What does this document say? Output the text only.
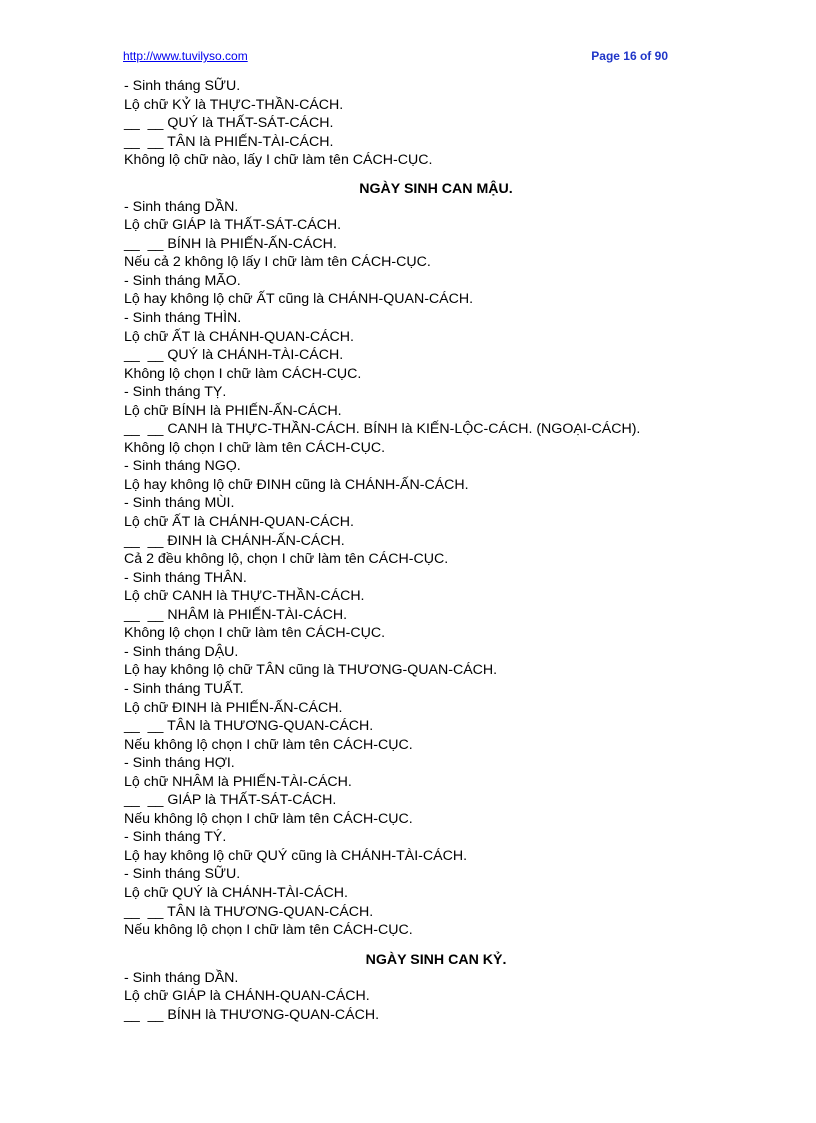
http://www.tuvilyso.com	Page 16 of 90
- Sinh tháng SỮU.
Lộ chữ KỶ là THỰC-THẦN-CÁCH.
__  __ QUÝ là THẤT-SÁT-CÁCH.
__  __ TÂN là PHIẾN-TÀI-CÁCH.
Không lộ chữ nào, lấy I chữ làm tên CÁCH-CỤC.
NGÀY SINH CAN MẬU.
- Sinh tháng DẦN.
Lộ chữ GIÁP là THẤT-SÁT-CÁCH.
__  __ BÍNH là PHIẾN-ẤN-CÁCH.
Nếu cả 2 không lộ lấy I chữ làm tên CÁCH-CỤC.
- Sinh tháng MÃO.
Lộ hay không lộ chữ ẤT cũng là CHÁNH-QUAN-CÁCH.
- Sinh tháng THÌN.
Lộ chữ ẤT là CHÁNH-QUAN-CÁCH.
__  __ QUÝ là CHÁNH-TÀI-CÁCH.
Không lộ chọn I chữ làm CÁCH-CỤC.
- Sinh tháng TỴ.
Lộ chữ BÍNH là PHIẾN-ẤN-CÁCH.
__  __ CANH là THỰC-THẦN-CÁCH. BÍNH là KIẾN-LỘC-CÁCH. (NGOẠI-CÁCH).
Không lộ chọn I chữ làm tên CÁCH-CỤC.
- Sinh tháng NGỌ.
Lộ hay không lộ chữ ĐINH cũng là CHÁNH-ẤN-CÁCH.
- Sinh tháng MÙI.
Lộ chữ ẤT là CHÁNH-QUAN-CÁCH.
__  __ ĐINH là CHÁNH-ẤN-CÁCH.
Cả 2 đều không lộ, chọn I chữ làm tên CÁCH-CỤC.
- Sinh tháng THÂN.
Lộ chữ CANH là THỰC-THẦN-CÁCH.
__  __ NHÂM là PHIẾN-TÀI-CÁCH.
Không lộ chọn I chữ làm tên CÁCH-CỤC.
- Sinh tháng DẬU.
Lộ hay không lộ chữ TÂN cũng là THƯƠNG-QUAN-CÁCH.
- Sinh tháng TUẤT.
Lộ chữ ĐINH là PHIẾN-ẤN-CÁCH.
__  __ TÂN là THƯƠNG-QUAN-CÁCH.
Nếu không lộ chọn I chữ làm tên CÁCH-CỤC.
- Sinh tháng HỢI.
Lộ chữ NHÂM là PHIẾN-TÀI-CÁCH.
__  __ GIÁP là THẤT-SÁT-CÁCH.
Nếu không lộ chọn I chữ làm tên CÁCH-CỤC.
- Sinh tháng TÝ.
Lộ hay không lộ chữ QUÝ cũng là CHÁNH-TÀI-CÁCH.
- Sinh tháng SỮU.
Lộ chữ QUÝ là CHÁNH-TÀI-CÁCH.
__  __ TÂN là THƯƠNG-QUAN-CÁCH.
Nếu không lộ chọn I chữ làm tên CÁCH-CỤC.
NGÀY SINH CAN KỶ.
- Sinh tháng DẦN.
Lộ chữ GIÁP là CHÁNH-QUAN-CÁCH.
__  __ BÍNH là THƯƠNG-QUAN-CÁCH.
